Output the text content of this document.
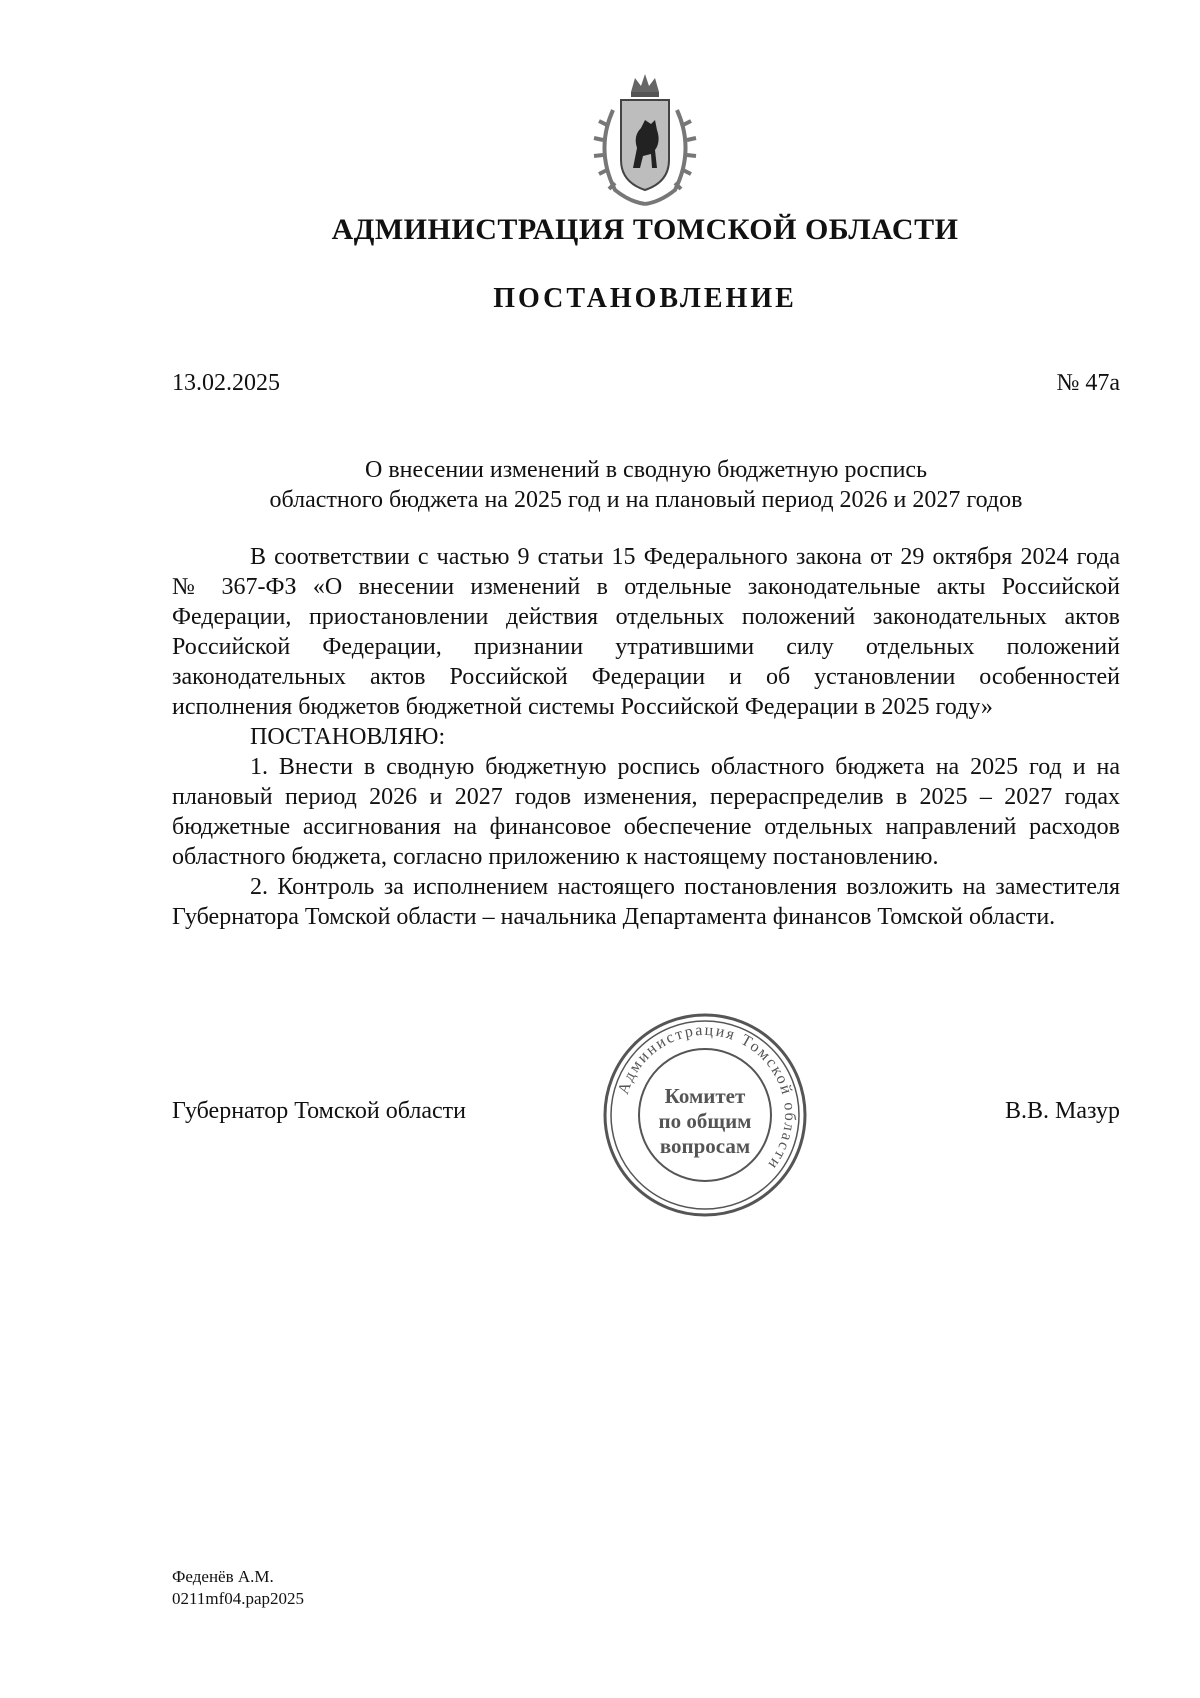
АДМИНИСТРАЦИЯ ТОМСКОЙ ОБЛАСТИ
ПОСТАНОВЛЕНИЕ
13.02.2025	№ 47а
О внесении изменений в сводную бюджетную роспись
областного бюджета на 2025 год и на плановый период 2026 и 2027 годов

В соответствии с частью 9 статьи 15 Федерального закона от 29 октября 2024 года № 367-ФЗ «О внесении изменений в отдельные законодательные акты Российской Федерации, приостановлении действия отдельных положений законодательных актов Российской Федерации, признании утратившими силу отдельных положений законодательных актов Российской Федерации и об установлении особенностей исполнения бюджетов бюджетной системы Российской Федерации в 2025 году»

ПОСТАНОВЛЯЮ:

1. Внести в сводную бюджетную роспись областного бюджета на 2025 год и на плановый период 2026 и 2027 годов изменения, перераспределив в 2025 – 2027 годах бюджетные ассигнования на финансовое обеспечение отдельных направлений расходов областного бюджета, согласно приложению к настоящему постановлению.

2. Контроль за исполнением настоящего постановления возложить на заместителя Губернатора Томской области – начальника Департамента финансов Томской области.

Губернатор Томской области
Администрация Томской области
Комитет
по общим
вопросам
В.В. Мазур
Феденёв А.М.
0211mf04.рар2025
